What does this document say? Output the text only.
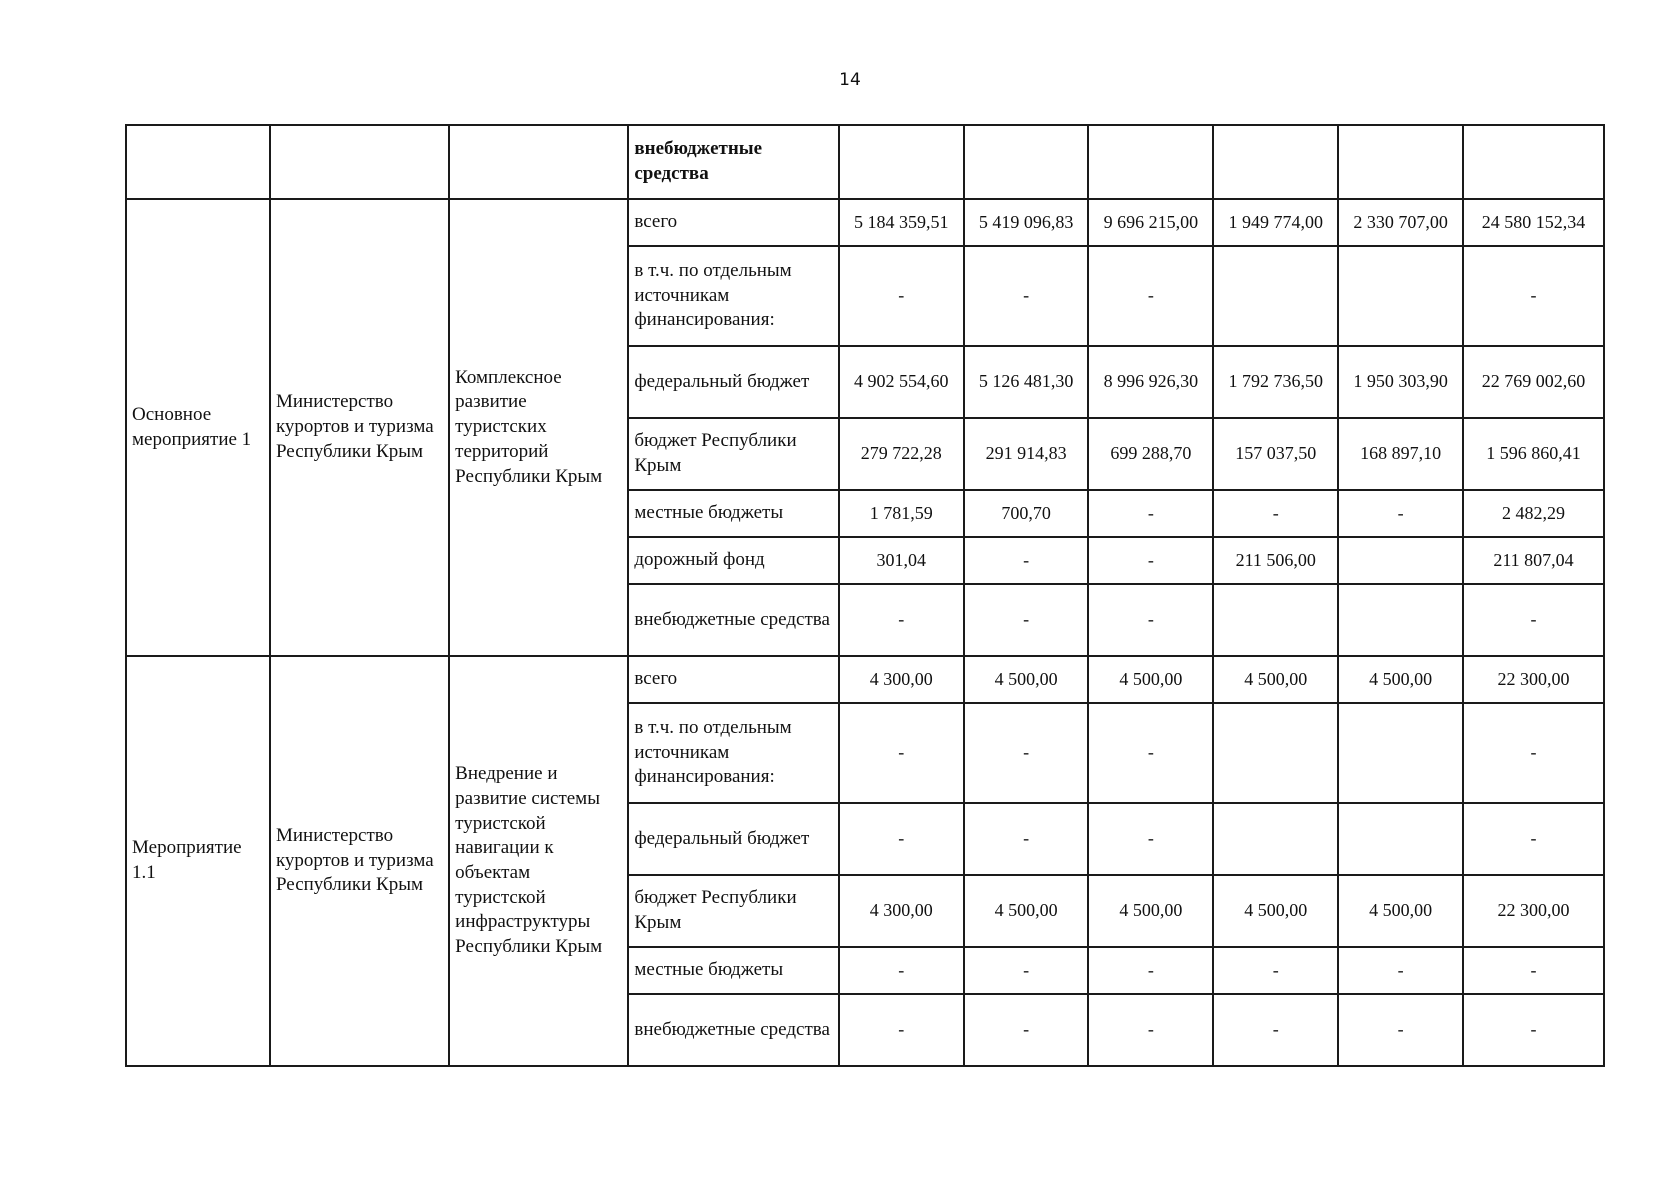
14
			внебюджетные средства						
Основное мероприятие 1	Министерство курортов и туризма Республики Крым	Комплексное развитие туристских территорий Республики Крым	всего	5 184 359,51	5 419 096,83	9 696 215,00	1 949 774,00	2 330 707,00	24 580 152,34
			в т.ч. по отдельным источникам финансирования:	-	-	-			-
			федеральный бюджет	4 902 554,60	5 126 481,30	8 996 926,30	1 792 736,50	1 950 303,90	22 769 002,60
			бюджет Республики Крым	279 722,28	291 914,83	699 288,70	157 037,50	168 897,10	1 596 860,41
			местные бюджеты	1 781,59	700,70	-	-	-	2 482,29
			дорожный фонд	301,04	-	-	211 506,00		211 807,04
			внебюджетные средства	-	-	-			-
Мероприятие 1.1	Министерство курортов и туризма Республики Крым	Внедрение и развитие системы туристской навигации к объектам туристской инфраструктуры Республики Крым	всего	4 300,00	4 500,00	4 500,00	4 500,00	4 500,00	22 300,00
			в т.ч. по отдельным источникам финансирования:	-	-	-			-
			федеральный бюджет	-	-	-			-
			бюджет Республики Крым	4 300,00	4 500,00	4 500,00	4 500,00	4 500,00	22 300,00
			местные бюджеты	-	-	-	-	-	-
			внебюджетные средства	-	-	-	-	-	-
